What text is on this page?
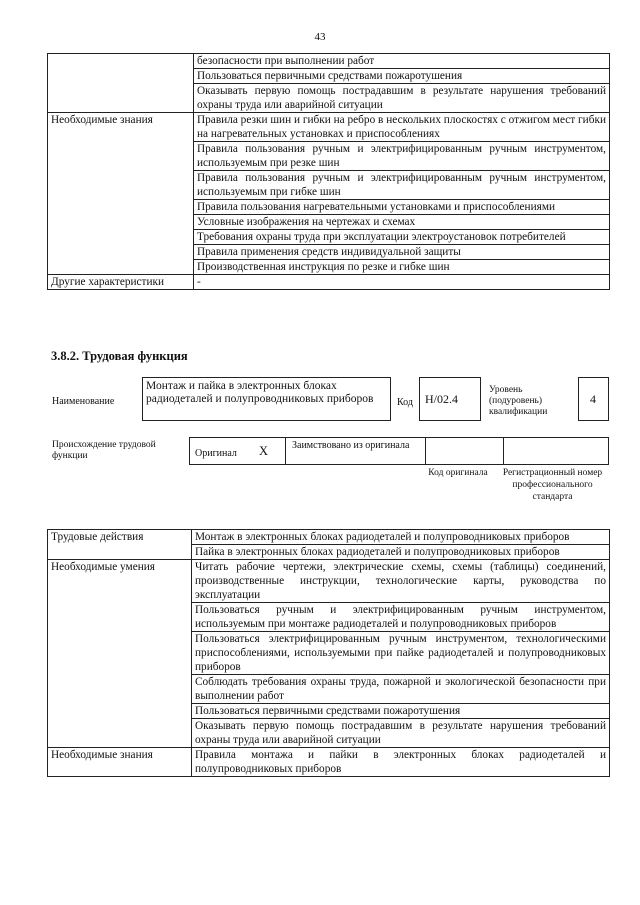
43
	безопасности при выполнении работ
	Пользоваться первичными средствами пожаротушения
	Оказывать первую помощь пострадавшим в результате нарушения требований охраны труда или аварийной ситуации
Необходимые знания	Правила резки шин и гибки на ребро в нескольких плоскостях с отжигом мест гибки на нагревательных установках и приспособлениях
	Правила пользования ручным и электрифицированным ручным инструментом, используемым при резке шин
	Правила пользования ручным и электрифицированным ручным инструментом, используемым при гибке шин
	Правила пользования нагревательными установками и приспособлениями
	Условные изображения на чертежах и схемах
	Требования охраны труда при эксплуатации электроустановок потребителей
	Правила применения средств индивидуальной защиты
	Производственная инструкция по резке и гибке шин
Другие характеристики	-
3.8.2. Трудовая функция
Наименование
Монтаж и пайка в электронных блоках радиодеталей и полупроводниковых приборов	Код H/02.4
Уровень (подуровень) квалификации
4
Происхождение трудовой функции	Оригинал X Заимствовано из оригинала
Код оригинала Регистрационный номер профессионального стандарта
Трудовые действия	Монтаж в электронных блоках радиодеталей и полупроводниковых приборов
	Пайка в электронных блоках радиодеталей и полупроводниковых приборов
Необходимые умения	Читать рабочие чертежи, электрические схемы, схемы (таблицы) соединений, производственные инструкции, технологические карты, руководства по эксплуатации
	Пользоваться ручным и электрифицированным ручным инструментом, используемым при монтаже радиодеталей и полупроводниковых приборов
	Пользоваться электрифицированным ручным инструментом, технологическими приспособлениями, используемыми при пайке радиодеталей и полупроводниковых приборов
	Соблюдать требования охраны труда, пожарной и экологической безопасности при выполнении работ
	Пользоваться первичными средствами пожаротушения
	Оказывать первую помощь пострадавшим в результате нарушения требований охраны труда или аварийной ситуации
Необходимые знания	Правила монтажа и пайки в электронных блоках радиодеталей и полупроводниковых приборов
